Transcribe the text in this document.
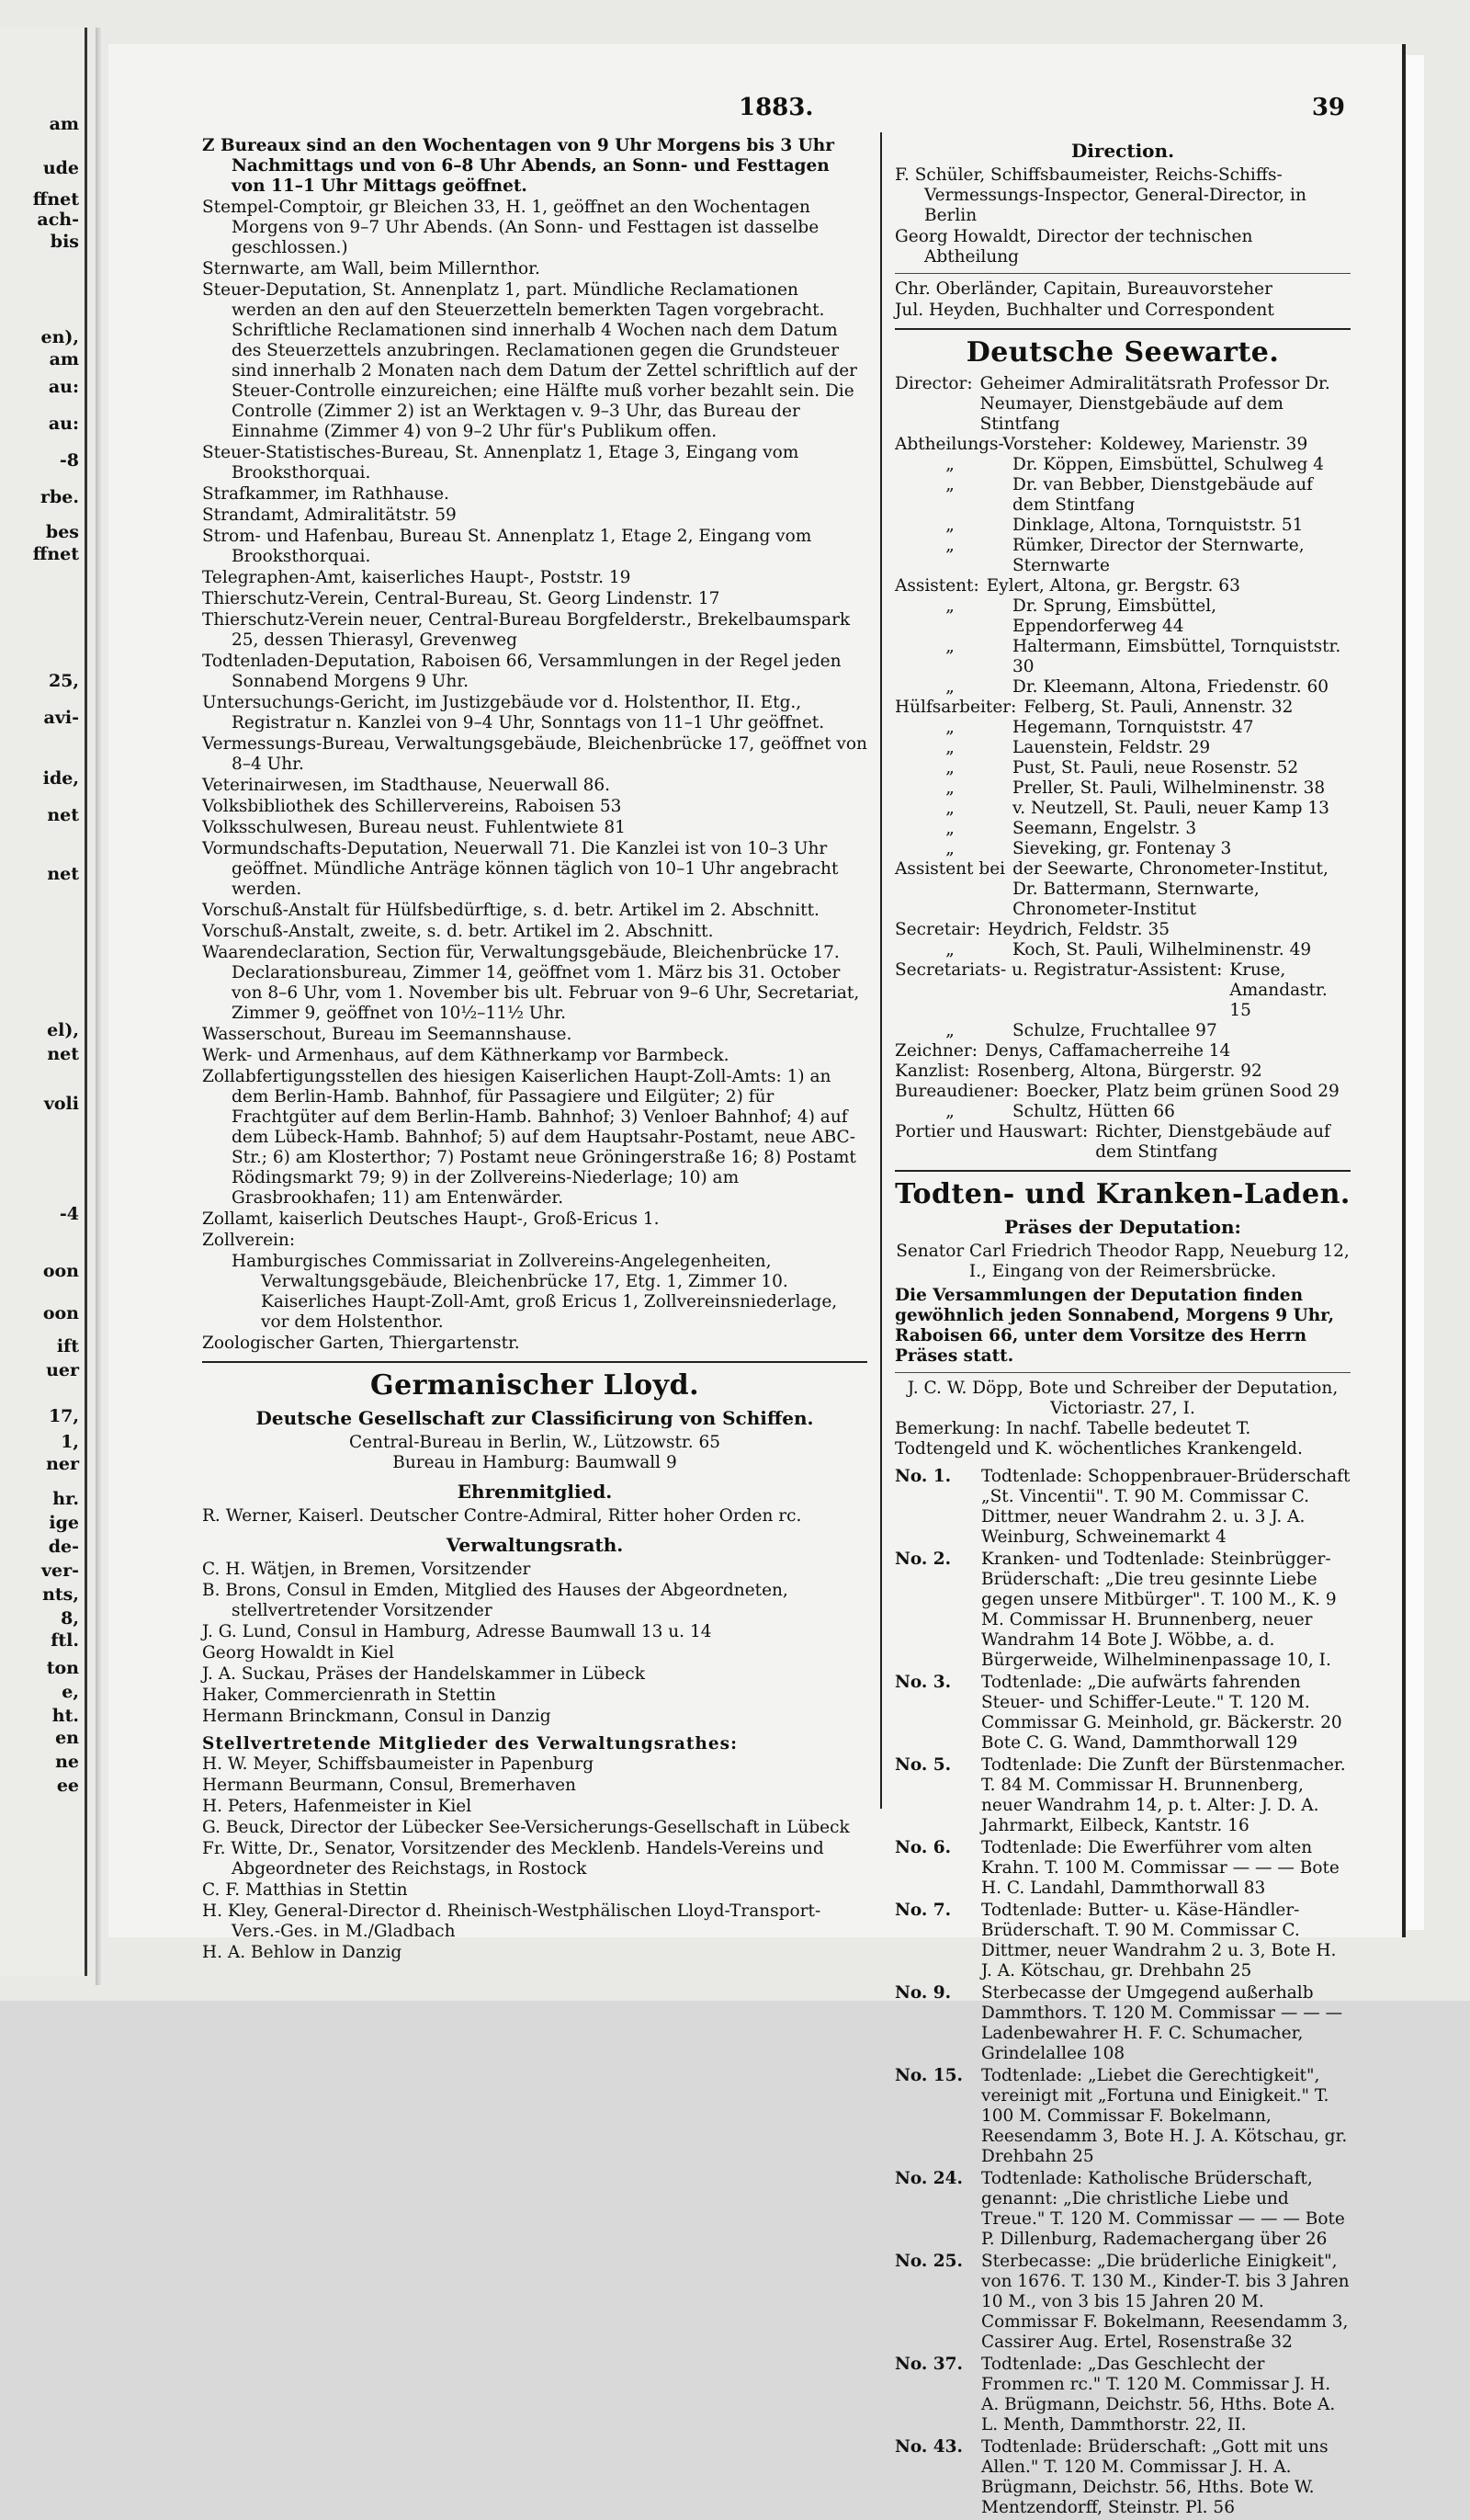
am
ude
ffnet
ach-
bis
en),
am
au:
au:
-8
rbe.
bes
ffnet
25,
avi-
ide,
net
net
el),
net
voli
-4
oon
oon
ift
uer
17,
1,
ner
hr.
ige
de-
ver-
nts,
8,
ftl.
ton
e,
ht.
en
ne
ee
1883.	39
Z Bureaux sind an den Wochentagen von 9 Uhr Morgens bis 3 Uhr Nachmittags und von 6–8 Uhr Abends, an Sonn- und Festtagen von 11–1 Uhr Mittags geöffnet.
Stempel-Comptoir, gr Bleichen 33, H. 1, geöffnet an den Wochentagen Morgens von 9–7 Uhr Abends. (An Sonn- und Festtagen ist dasselbe geschlossen.)
Sternwarte, am Wall, beim Millernthor.
Steuer-Deputation, St. Annenplatz 1, part. Mündliche Reclamationen werden an den auf den Steuerzetteln bemerkten Tagen vorgebracht. Schriftliche Reclamationen sind innerhalb 4 Wochen nach dem Datum des Steuerzettels anzubringen. Reclamationen gegen die Grundsteuer sind innerhalb 2 Monaten nach dem Datum der Zettel schriftlich auf der Steuer-Controlle einzureichen; eine Hälfte muß vorher bezahlt sein. Die Controlle (Zimmer 2) ist an Werktagen v. 9–3 Uhr, das Bureau der Einnahme (Zimmer 4) von 9–2 Uhr für's Publikum offen.
Steuer-Statistisches-Bureau, St. Annenplatz 1, Etage 3, Eingang vom Brooksthorquai.
Strafkammer, im Rathhause.
Strandamt, Admiralitätstr. 59
Strom- und Hafenbau, Bureau St. Annenplatz 1, Etage 2, Eingang vom Brooksthorquai.
Telegraphen-Amt, kaiserliches Haupt-, Poststr. 19
Thierschutz-Verein, Central-Bureau, St. Georg Lindenstr. 17
Thierschutz-Verein neuer, Central-Bureau Borgfelderstr., Brekelbaumspark 25, dessen Thierasyl, Grevenweg
Todtenladen-Deputation, Raboisen 66, Versammlungen in der Regel jeden Sonnabend Morgens 9 Uhr.
Untersuchungs-Gericht, im Justizgebäude vor d. Holstenthor, II. Etg., Registratur n. Kanzlei von 9–4 Uhr, Sonntags von 11–1 Uhr geöffnet.
Vermessungs-Bureau, Verwaltungsgebäude, Bleichenbrücke 17, geöffnet von 8–4 Uhr.
Veterinairwesen, im Stadthause, Neuerwall 86.
Volksbibliothek des Schillervereins, Raboisen 53
Volksschulwesen, Bureau neust. Fuhlentwiete 81
Vormundschafts-Deputation, Neuerwall 71. Die Kanzlei ist von 10–3 Uhr geöffnet. Mündliche Anträge können täglich von 10–1 Uhr angebracht werden.
Vorschuß-Anstalt für Hülfsbedürftige, s. d. betr. Artikel im 2. Abschnitt.
Vorschuß-Anstalt, zweite, s. d. betr. Artikel im 2. Abschnitt.
Waarendeclaration, Section für, Verwaltungsgebäude, Bleichenbrücke 17. Declarationsbureau, Zimmer 14, geöffnet vom 1. März bis 31. October von 8–6 Uhr, vom 1. November bis ult. Februar von 9–6 Uhr, Secretariat, Zimmer 9, geöffnet von 10½–11½ Uhr.
Wasserschout, Bureau im Seemannshause.
Werk- und Armenhaus, auf dem Käthnerkamp vor Barmbeck.
Zollabfertigungsstellen des hiesigen Kaiserlichen Haupt-Zoll-Amts: 1) an dem Berlin-Hamb. Bahnhof, für Passagiere und Eilgüter; 2) für Frachtgüter auf dem Berlin-Hamb. Bahnhof; 3) Venloer Bahnhof; 4) auf dem Lübeck-Hamb. Bahnhof; 5) auf dem Hauptsahr-Postamt, neue ABC-Str.; 6) am Klosterthor; 7) Postamt neue Gröningerstraße 16; 8) Postamt Rödingsmarkt 79; 9) in der Zollvereins-Niederlage; 10) am Grasbrookhafen; 11) am Entenwärder.
Zollamt, kaiserlich Deutsches Haupt-, Groß-Ericus 1.
Zollverein:
Hamburgisches Commissariat in Zollvereins-Angelegenheiten, Verwaltungsgebäude, Bleichenbrücke 17, Etg. 1, Zimmer 10. Kaiserliches Haupt-Zoll-Amt, groß Ericus 1, Zollvereinsniederlage, vor dem Holstenthor.
Zoologischer Garten, Thiergartenstr.
Germanischer Lloyd.
Deutsche Gesellschaft zur Classificirung von Schiffen.
Central-Bureau in Berlin, W., Lützowstr. 65
Bureau in Hamburg: Baumwall 9
Ehrenmitglied.
R. Werner, Kaiserl. Deutscher Contre-Admiral, Ritter hoher Orden rc.
Verwaltungsrath.
C. H. Wätjen, in Bremen, Vorsitzender
B. Brons, Consul in Emden, Mitglied des Hauses der Abgeordneten, stellvertretender Vorsitzender
J. G. Lund, Consul in Hamburg, Adresse Baumwall 13 u. 14
Georg Howaldt in Kiel
J. A. Suckau, Präses der Handelskammer in Lübeck
Haker, Commercienrath in Stettin
Hermann Brinckmann, Consul in Danzig
Stellvertretende Mitglieder des Verwaltungsrathes:
H. W. Meyer, Schiffsbaumeister in Papenburg
Hermann Beurmann, Consul, Bremerhaven
H. Peters, Hafenmeister in Kiel
G. Beuck, Director der Lübecker See-Versicherungs-Gesellschaft in Lübeck
Fr. Witte, Dr., Senator, Vorsitzender des Mecklenb. Handels-Vereins und Abgeordneter des Reichstags, in Rostock
C. F. Matthias in Stettin
H. Kley, General-Director d. Rheinisch-Westphälischen Lloyd-Transport-Vers.-Ges. in M./Gladbach
H. A. Behlow in Danzig
Direction.
F. Schüler, Schiffsbaumeister, Reichs-Schiffs-Vermessungs-Inspector, General-Director, in Berlin
Georg Howaldt, Director der technischen Abtheilung
Chr. Oberländer, Capitain, Bureauvorsteher
Jul. Heyden, Buchhalter und Correspondent
Deutsche Seewarte.
Director: Geheimer Admiralitätsrath Professor Dr. Neumayer, Dienstgebäude auf dem Stintfang
Abtheilungs-Vorsteher: Koldewey, Marienstr. 39
„	Dr. Köppen, Eimsbüttel, Schulweg 4
„	Dr. van Bebber, Dienstgebäude auf dem Stintfang
„	Dinklage, Altona, Tornquiststr. 51
„	Rümker, Director der Sternwarte, Sternwarte
Assistent: Eylert, Altona, gr. Bergstr. 63
„	Dr. Sprung, Eimsbüttel, Eppendorferweg 44
„	Haltermann, Eimsbüttel, Tornquiststr. 30
„	Dr. Kleemann, Altona, Friedenstr. 60
Hülfsarbeiter: Felberg, St. Pauli, Annenstr. 32
„	Hegemann, Tornquiststr. 47
„	Lauenstein, Feldstr. 29
„	Pust, St. Pauli, neue Rosenstr. 52
„	Preller, St. Pauli, Wilhelminenstr. 38
„	v. Neutzell, St. Pauli, neuer Kamp 13
„	Seemann, Engelstr. 3
„	Sieveking, gr. Fontenay 3
Assistent bei der Seewarte, Chronometer-Institut, Dr. Battermann, Sternwarte, Chronometer-Institut
Secretair: Heydrich, Feldstr. 35
„	Koch, St. Pauli, Wilhelminenstr. 49
Secretariats- u. Registratur-Assistent: Kruse, Amandastr. 15
„	Schulze, Fruchtallee 97
Zeichner: Denys, Caffamacherreihe 14
Kanzlist: Rosenberg, Altona, Bürgerstr. 92
Bureaudiener: Boecker, Platz beim grünen Sood 29
„	Schultz, Hütten 66
Portier und Hauswart: Richter, Dienstgebäude auf dem Stintfang
Todten- und Kranken-Laden.
Präses der Deputation:
Senator Carl Friedrich Theodor Rapp, Neueburg 12, I., Eingang von der Reimersbrücke.
Die Versammlungen der Deputation finden gewöhnlich jeden Sonnabend, Morgens 9 Uhr, Raboisen 66, unter dem Vorsitze des Herrn Präses statt.
J. C. W. Döpp, Bote und Schreiber der Deputation, Victoriastr. 27, I.
Bemerkung: In nachf. Tabelle bedeutet T. Todtengeld und K. wöchentliches Krankengeld.
No. 1.	Todtenlade: Schoppenbrauer-Brüderschaft „St. Vincentii". T. 90 M. Commissar C. Dittmer, neuer Wandrahm 2. u. 3 J. A. Weinburg, Schweinemarkt 4
No. 2.	Kranken- und Todtenlade: Steinbrügger-Brüderschaft: „Die treu gesinnte Liebe gegen unsere Mitbürger". T. 100 M., K. 9 M. Commissar H. Brunnenberg, neuer Wandrahm 14 Bote J. Wöbbe, a. d. Bürgerweide, Wilhelminenpassage 10, I.
No. 3.	Todtenlade: „Die aufwärts fahrenden Steuer- und Schiffer-Leute." T. 120 M. Commissar G. Meinhold, gr. Bäckerstr. 20 Bote C. G. Wand, Dammthorwall 129
No. 5.	Todtenlade: Die Zunft der Bürstenmacher. T. 84 M. Commissar H. Brunnenberg, neuer Wandrahm 14, p. t. Alter: J. D. A. Jahrmarkt, Eilbeck, Kantstr. 16
No. 6.	Todtenlade: Die Ewerführer vom alten Krahn. T. 100 M. Commissar — — — Bote H. C. Landahl, Dammthorwall 83
No. 7.	Todtenlade: Butter- u. Käse-Händler-Brüderschaft. T. 90 M. Commissar C. Dittmer, neuer Wandrahm 2 u. 3, Bote H. J. A. Kötschau, gr. Drehbahn 25
No. 9.	Sterbecasse der Umgegend außerhalb Dammthors. T. 120 M. Commissar — — — Ladenbewahrer H. F. C. Schumacher, Grindelallee 108
No. 15.	Todtenlade: „Liebet die Gerechtigkeit", vereinigt mit „Fortuna und Einigkeit." T. 100 M. Commissar F. Bokelmann, Reesendamm 3, Bote H. J. A. Kötschau, gr. Drehbahn 25
No. 24.	Todtenlade: Katholische Brüderschaft, genannt: „Die christliche Liebe und Treue." T. 120 M. Commissar — — — Bote P. Dillenburg, Rademachergang über 26
No. 25.	Sterbecasse: „Die brüderliche Einigkeit", von 1676. T. 130 M., Kinder-T. bis 3 Jahren 10 M., von 3 bis 15 Jahren 20 M. Commissar F. Bokelmann, Reesendamm 3, Cassirer Aug. Ertel, Rosenstraße 32
No. 37.	Todtenlade: „Das Geschlecht der Frommen rc." T. 120 M. Commissar J. H. A. Brügmann, Deichstr. 56, Hths. Bote A. L. Menth, Dammthorstr. 22, II.
No. 43.	Todtenlade: Brüderschaft: „Gott mit uns Allen." T. 120 M. Commissar J. H. A. Brügmann, Deichstr. 56, Hths. Bote W. Mentzendorff, Steinstr. Pl. 56
